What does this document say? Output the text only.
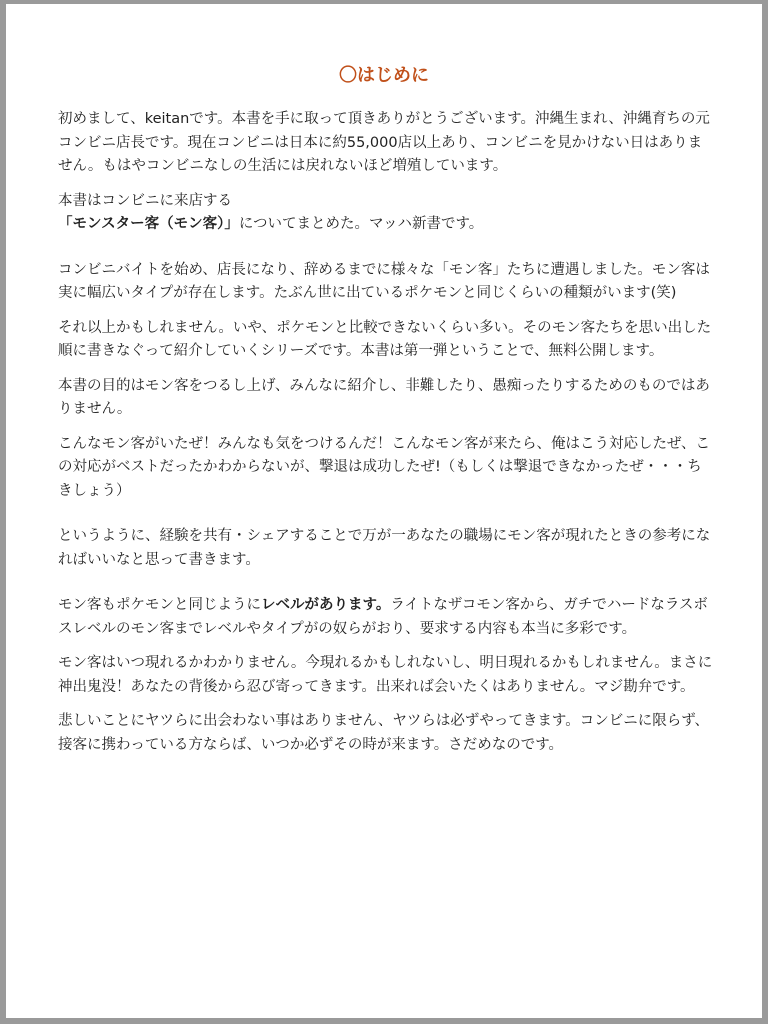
〇はじめに

初めまして、keitanです。本書を手に取って頂きありがとうございます。沖縄生まれ、沖縄育ちの元コンビニ店長です。現在コンビニは日本に約55,000店以上あり、コンビニを見かけない日はありません。もはやコンビニなしの生活には戻れないほど増殖しています。

本書はコンビニに来店する
「モンスター客（モン客）」についてまとめた。マッハ新書です。

コンビニバイトを始め、店長になり、辞めるまでに様々な「モン客」たちに遭遇しました。モン客は実に幅広いタイプが存在します。たぶん世に出ているポケモンと同じくらいの種類がいます(笑)

それ以上かもしれません。いや、ポケモンと比較できないくらい多い。そのモン客たちを思い出した順に書きなぐって紹介していくシリーズです。本書は第一弾ということで、無料公開します。

本書の目的はモン客をつるし上げ、みんなに紹介し、非難したり、愚痴ったりするためのものではありません。

こんなモン客がいたぜ！みんなも気をつけるんだ！こんなモン客が来たら、俺はこう対応したぜ、この対応がベストだったかわからないが、撃退は成功したぜ!（もしくは撃退できなかったぜ・・・ちきしょう）

というように、経験を共有・シェアすることで万が一あなたの職場にモン客が現れたときの参考になればいいなと思って書きます。

モン客もポケモンと同じようにレベルがあります。ライトなザコモン客から、ガチでハードなラスボスレベルのモン客までレベルやタイプがの奴らがおり、要求する内容も本当に多彩です。

モン客はいつ現れるかわかりません。今現れるかもしれないし、明日現れるかもしれません。まさに神出鬼没！あなたの背後から忍び寄ってきます。出来れば会いたくはありません。マジ勘弁です。

悲しいことにヤツらに出会わない事はありません、ヤツらは必ずやってきます。コンビニに限らず、接客に携わっている方ならば、いつか必ずその時が来ます。さだめなのです。
